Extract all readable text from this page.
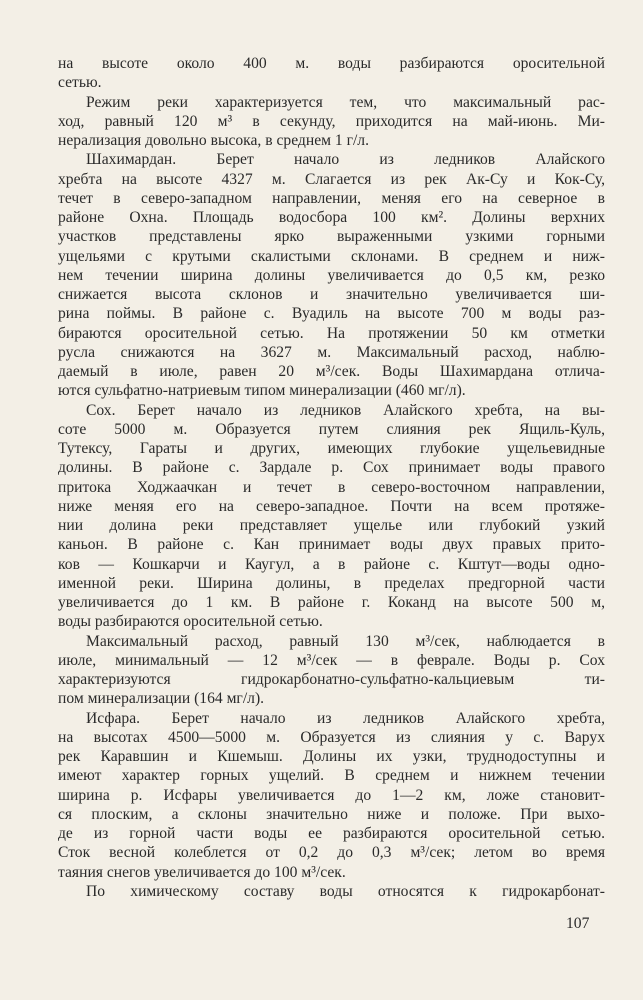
на высоте около 400 м. воды разбираются оросительной
сетью.
Режим реки характеризуется тем, что максимальный рас-
ход, равный 120 м³ в секунду, приходится на май-июнь. Ми-
нерализация довольно высока, в среднем 1 г/л.
Шахимардан. Берет начало из ледников Алайского
хребта на высоте 4327 м. Слагается из рек Ак-Су и Кок-Су,
течет в северо-западном направлении, меняя его на северное в
районе Охна. Площадь водосбора 100 км². Долины верхних
участков представлены ярко выраженными узкими горными
ущельями с крутыми скалистыми склонами. В среднем и ниж-
нем течении ширина долины увеличивается до 0,5 км, резко
снижается высота склонов и значительно увеличивается ши-
рина поймы. В районе с. Вуадиль на высоте 700 м воды раз-
бираются оросительной сетью. На протяжении 50 км отметки
русла снижаются на 3627 м. Максимальный расход, наблю-
даемый в июле, равен 20 м³/сек. Воды Шахимардана отлича-
ются сульфатно-натриевым типом минерализации (460 мг/л).
Сох. Берет начало из ледников Алайского хребта, на вы-
соте 5000 м. Образуется путем слияния рек Ящиль-Куль,
Тутексу, Гараты и других, имеющих глубокие ущельевидные
долины. В районе с. Зардале р. Сох принимает воды правого
притока Ходжаачкан и течет в северо-восточном направлении,
ниже меняя его на северо-западное. Почти на всем протяже-
нии долина реки представляет ущелье или глубокий узкий
каньон. В районе с. Кан принимает воды двух правых прито-
ков — Кошкарчи и Каугул, а в районе с. Кштут—воды одно-
именной реки. Ширина долины, в пределах предгорной части
увеличивается до 1 км. В районе г. Коканд на высоте 500 м,
воды разбираются оросительной сетью.
Максимальный расход, равный 130 м³/сек, наблюдается в
июле, минимальный — 12 м³/сек — в феврале. Воды р. Сох
характеризуются гидрокарбонатно-сульфатно-кальциевым ти-
пом минерализации (164 мг/л).
Исфара. Берет начало из ледников Алайского хребта,
на высотах 4500—5000 м. Образуется из слияния у с. Варух
рек Каравшин и Кшемыш. Долины их узки, труднодоступны и
имеют характер горных ущелий. В среднем и нижнем течении
ширина р. Исфары увеличивается до 1—2 км, ложе становит-
ся плоским, а склоны значительно ниже и положе. При выхо-
де из горной части воды ее разбираются оросительной сетью.
Сток весной колеблется от 0,2 до 0,3 м³/сек; летом во время
таяния снегов увеличивается до 100 м³/сек.
По химическому составу воды относятся к гидрокарбонат-
107
